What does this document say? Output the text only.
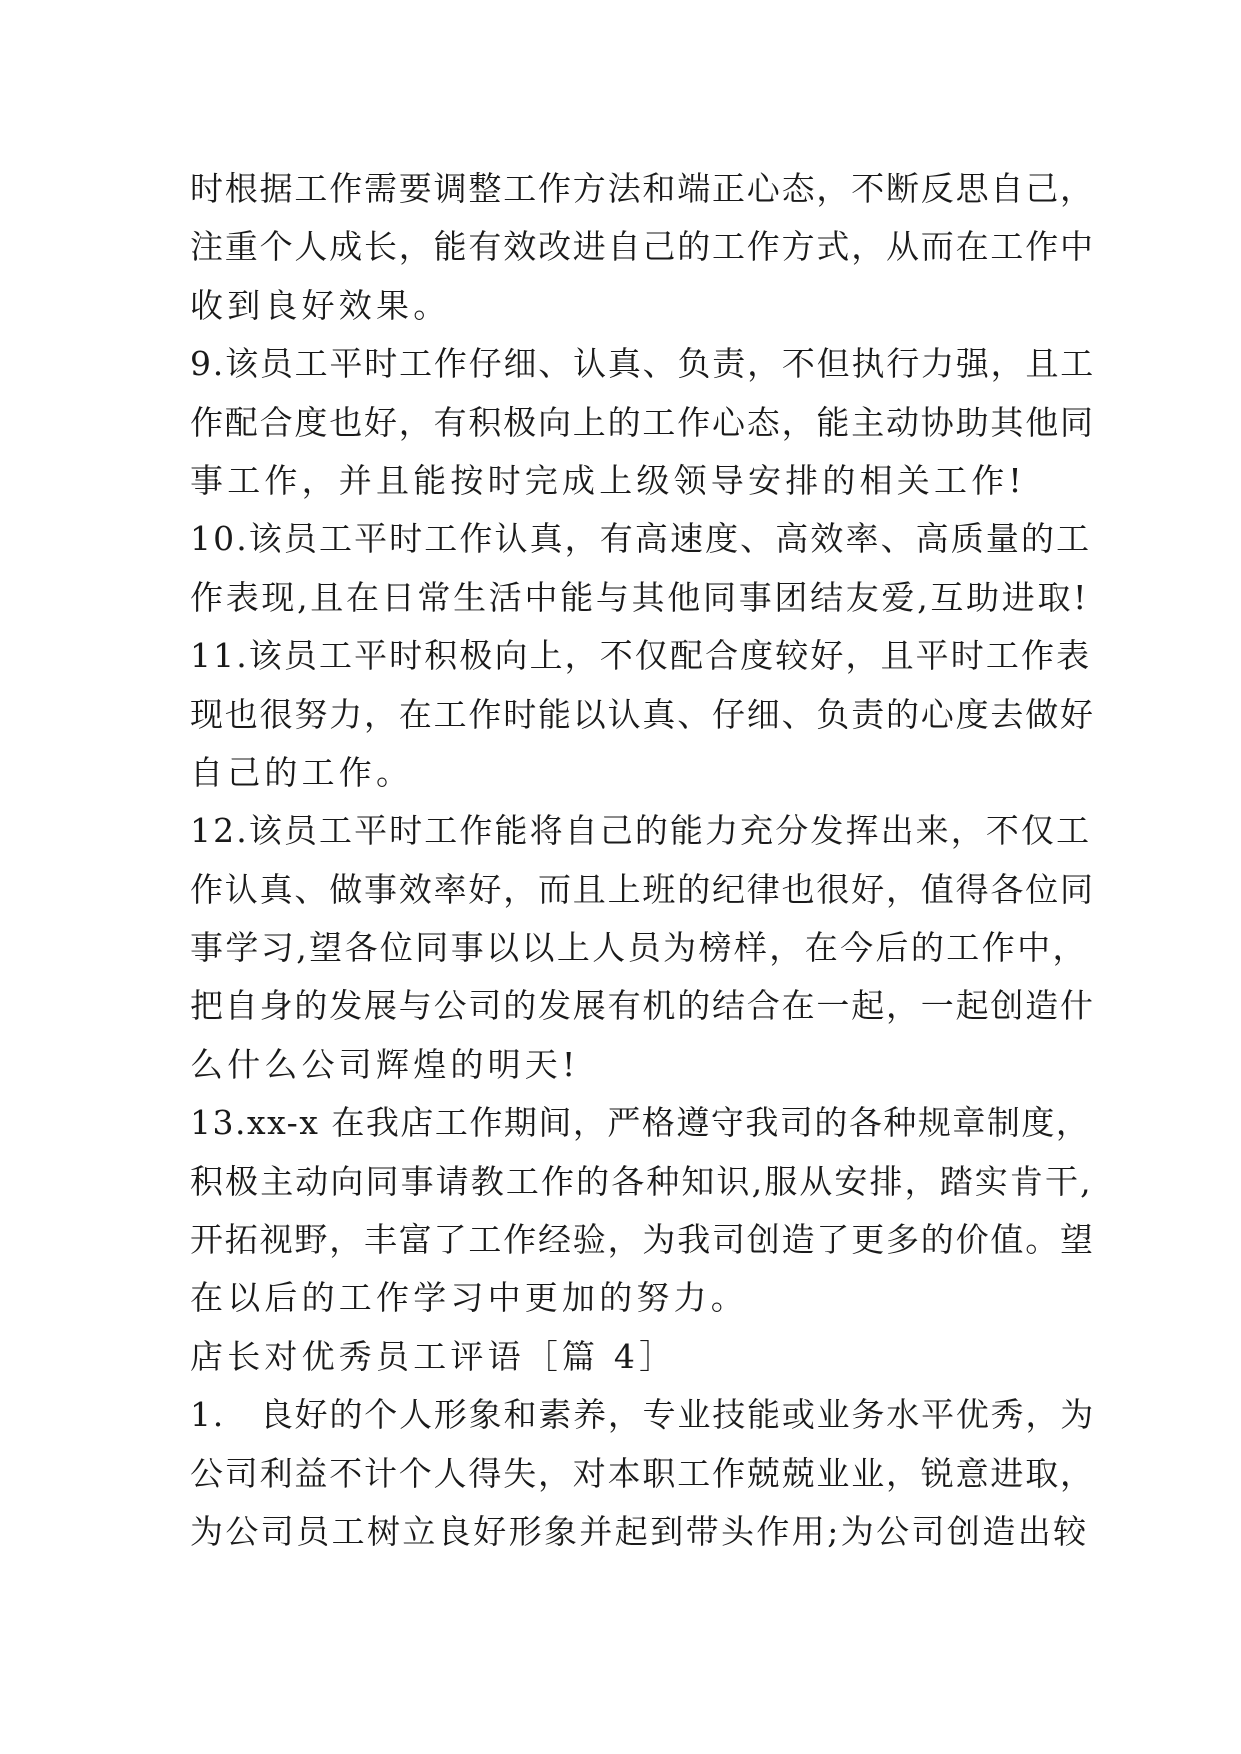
时根据工作需要调整工作方法和端正心态，不断反思自己，
注重个人成长，能有效改进自己的工作方式，从而在工作中
收到良好效果。
9.该员工平时工作仔细、认真、负责，不但执行力强，且工
作配合度也好，有积极向上的工作心态，能主动协助其他同
事工作，并且能按时完成上级领导安排的相关工作!
10.该员工平时工作认真，有高速度、高效率、高质量的工
作表现,且在日常生活中能与其他同事团结友爱,互助进取!
11.该员工平时积极向上，不仅配合度较好，且平时工作表
现也很努力，在工作时能以认真、仔细、负责的心度去做好
自己的工作。
12.该员工平时工作能将自己的能力充分发挥出来，不仅工
作认真、做事效率好，而且上班的纪律也很好，值得各位同
事学习,望各位同事以以上人员为榜样，在今后的工作中，
把自身的发展与公司的发展有机的结合在一起，一起创造什
么什么公司辉煌的明天!
13.xx-x 在我店工作期间，严格遵守我司的各种规章制度，
积极主动向同事请教工作的各种知识,服从安排，踏实肯干,
开拓视野，丰富了工作经验，为我司创造了更多的价值。望
在以后的工作学习中更加的努力。
店长对优秀员工评语［篇 4］
1.　良好的个人形象和素养，专业技能或业务水平优秀，为
公司利益不计个人得失，对本职工作兢兢业业，锐意进取，
为公司员工树立良好形象并起到带头作用;为公司创造出较
